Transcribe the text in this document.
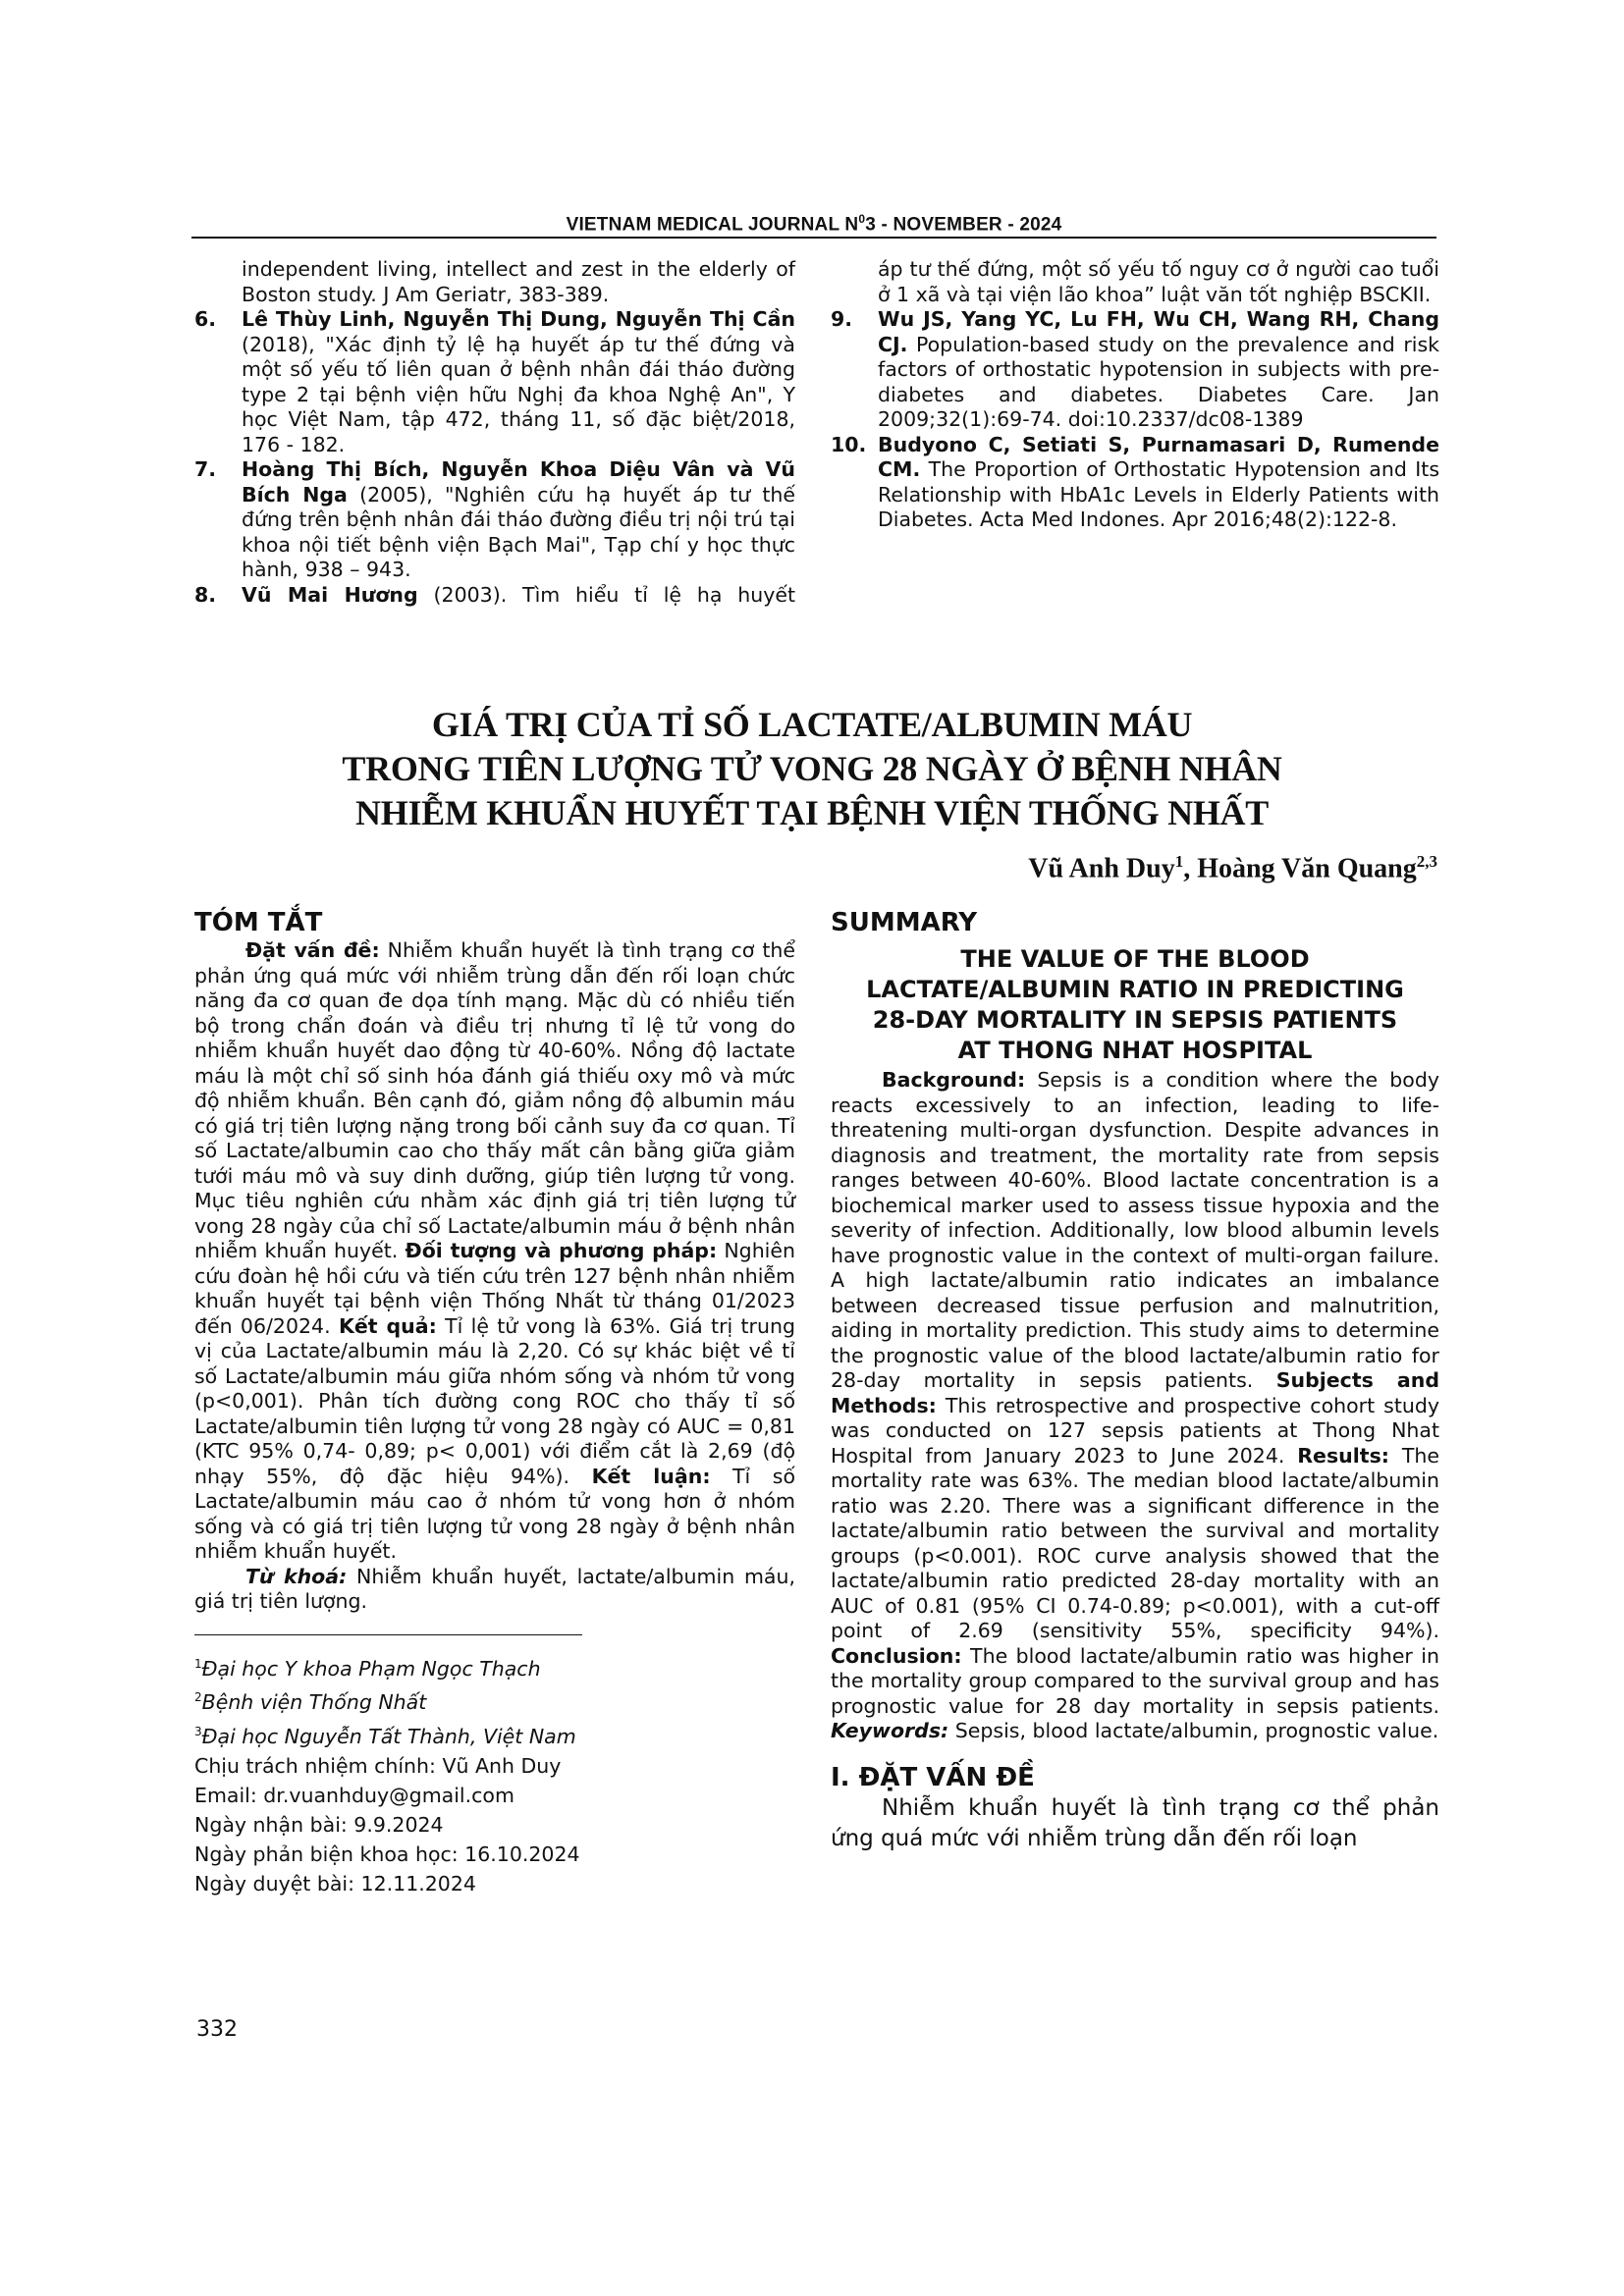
VIETNAM MEDICAL JOURNAL $N^03$ - NOVEMBER - 2024
independent living, intellect and zest in the elderly of Boston study. J Am Geriatr, 383-389.
6.	Lê Thùy Linh, Nguyễn Thị Dung, Nguyễn Thị Cần (2018), "Xác định tỷ lệ hạ huyết áp tư thế đứng và một số yếu tố liên quan ở bệnh nhân đái tháo đường type 2 tại bệnh viện hữu Nghị đa khoa Nghệ An", Y học Việt Nam, tập 472, tháng 11, số đặc biệt/2018, 176 - 182.
7.	Hoàng Thị Bích, Nguyễn Khoa Diệu Vân và Vũ Bích Nga (2005), "Nghiên cứu hạ huyết áp tư thế đứng trên bệnh nhân đái tháo đường điều trị nội trú tại khoa nội tiết bệnh viện Bạch Mai", Tạp chí y học thực hành, 938 – 943.
8.	Vũ Mai Hương (2003). Tìm hiểu tỉ lệ hạ huyết
áp tư thế đứng, một số yếu tố nguy cơ ở người cao tuổi ở 1 xã và tại viện lão khoa” luật văn tốt nghiệp BSCKII.
9.	Wu JS, Yang YC, Lu FH, Wu CH, Wang RH, Chang CJ. Population-based study on the prevalence and risk factors of orthostatic hypotension in subjects with pre-diabetes and diabetes. Diabetes Care. Jan 2009;32(1):69-74. doi:10.2337/dc08-1389
10. Budyono C, Setiati S, Purnamasari D, Rumende CM. The Proportion of Orthostatic Hypotension and Its Relationship with HbA1c Levels in Elderly Patients with Diabetes. Acta Med Indones. Apr 2016;48(2):122-8.
GIÁ TRỊ CỦA TỈ SỐ LACTATE/ALBUMIN MÁU
TRONG TIÊN LƯỢNG TỬ VONG 28 NGÀY Ở BỆNH NHÂN
NHIỄM KHUẨN HUYẾT TẠI BỆNH VIỆN THỐNG NHẤT
Vũ Anh Duy$^1$, Hoàng Văn Quang$^{2,3}$
TÓM TẮT
Đặt vấn đề: Nhiễm khuẩn huyết là tình trạng cơ thể phản ứng quá mức với nhiễm trùng dẫn đến rối loạn chức năng đa cơ quan đe dọa tính mạng. Mặc dù có nhiều tiến bộ trong chẩn đoán và điều trị nhưng tỉ lệ tử vong do nhiễm khuẩn huyết dao động từ 40-60%. Nồng độ lactate máu là một chỉ số sinh hóa đánh giá thiếu oxy mô và mức độ nhiễm khuẩn. Bên cạnh đó, giảm nồng độ albumin máu có giá trị tiên lượng nặng trong bối cảnh suy đa cơ quan. Tỉ số Lactate/albumin cao cho thấy mất cân bằng giữa giảm tưới máu mô và suy dinh dưỡng, giúp tiên lượng tử vong. Mục tiêu nghiên cứu nhằm xác định giá trị tiên lượng tử vong 28 ngày của chỉ số Lactate/albumin máu ở bệnh nhân nhiễm khuẩn huyết. Đối tượng và phương pháp: Nghiên cứu đoàn hệ hồi cứu và tiến cứu trên 127 bệnh nhân nhiễm khuẩn huyết tại bệnh viện Thống Nhất từ tháng 01/2023 đến 06/2024. Kết quả: Tỉ lệ tử vong là 63%. Giá trị trung vị của Lactate/albumin máu là 2,20. Có sự khác biệt về tỉ số Lactate/albumin máu giữa nhóm sống và nhóm tử vong (p<0,001). Phân tích đường cong ROC cho thấy tỉ số Lactate/albumin tiên lượng tử vong 28 ngày có AUC = 0,81 (KTC 95% 0,74- 0,89; p< 0,001) với điểm cắt là 2,69 (độ nhạy 55%, độ đặc hiệu 94%). Kết luận: Tỉ số Lactate/albumin máu cao ở nhóm tử vong hơn ở nhóm sống và có giá trị tiên lượng tử vong 28 ngày ở bệnh nhân nhiễm khuẩn huyết.
Từ khoá: Nhiễm khuẩn huyết, lactate/albumin máu, giá trị tiên lượng.
$^1$Đại học Y khoa Phạm Ngọc Thạch
$^2$Bệnh viện Thống Nhất
$^3$Đại học Nguyễn Tất Thành, Việt Nam
Chịu trách nhiệm chính: Vũ Anh Duy
Email: dr.vuanhduy@gmail.com
Ngày nhận bài: 9.9.2024
Ngày phản biện khoa học: 16.10.2024
Ngày duyệt bài: 12.11.2024
SUMMARY
THE VALUE OF THE BLOOD
LACTATE/ALBUMIN RATIO IN PREDICTING
28-DAY MORTALITY IN SEPSIS PATIENTS
AT THONG NHAT HOSPITAL
Background: Sepsis is a condition where the body reacts excessively to an infection, leading to life-threatening multi-organ dysfunction. Despite advances in diagnosis and treatment, the mortality rate from sepsis ranges between 40-60%. Blood lactate concentration is a biochemical marker used to assess tissue hypoxia and the severity of infection. Additionally, low blood albumin levels have prognostic value in the context of multi-organ failure. A high lactate/albumin ratio indicates an imbalance between decreased tissue perfusion and malnutrition, aiding in mortality prediction. This study aims to determine the prognostic value of the blood lactate/albumin ratio for 28-day mortality in sepsis patients. Subjects and Methods: This retrospective and prospective cohort study was conducted on 127 sepsis patients at Thong Nhat Hospital from January 2023 to June 2024. Results: The mortality rate was 63%. The median blood lactate/albumin ratio was 2.20. There was a significant difference in the lactate/albumin ratio between the survival and mortality groups (p<0.001). ROC curve analysis showed that the lactate/albumin ratio predicted 28-day mortality with an AUC of 0.81 (95% CI 0.74-0.89; p<0.001), with a cut-off point of 2.69 (sensitivity 55%, specificity 94%). Conclusion: The blood lactate/albumin ratio was higher in the mortality group compared to the survival group and has prognostic value for 28 day mortality in sepsis patients. Keywords: Sepsis, blood lactate/albumin, prognostic value.
I. ĐẶT VẤN ĐỀ
Nhiễm khuẩn huyết là tình trạng cơ thể phản ứng quá mức với nhiễm trùng dẫn đến rối loạn
332
